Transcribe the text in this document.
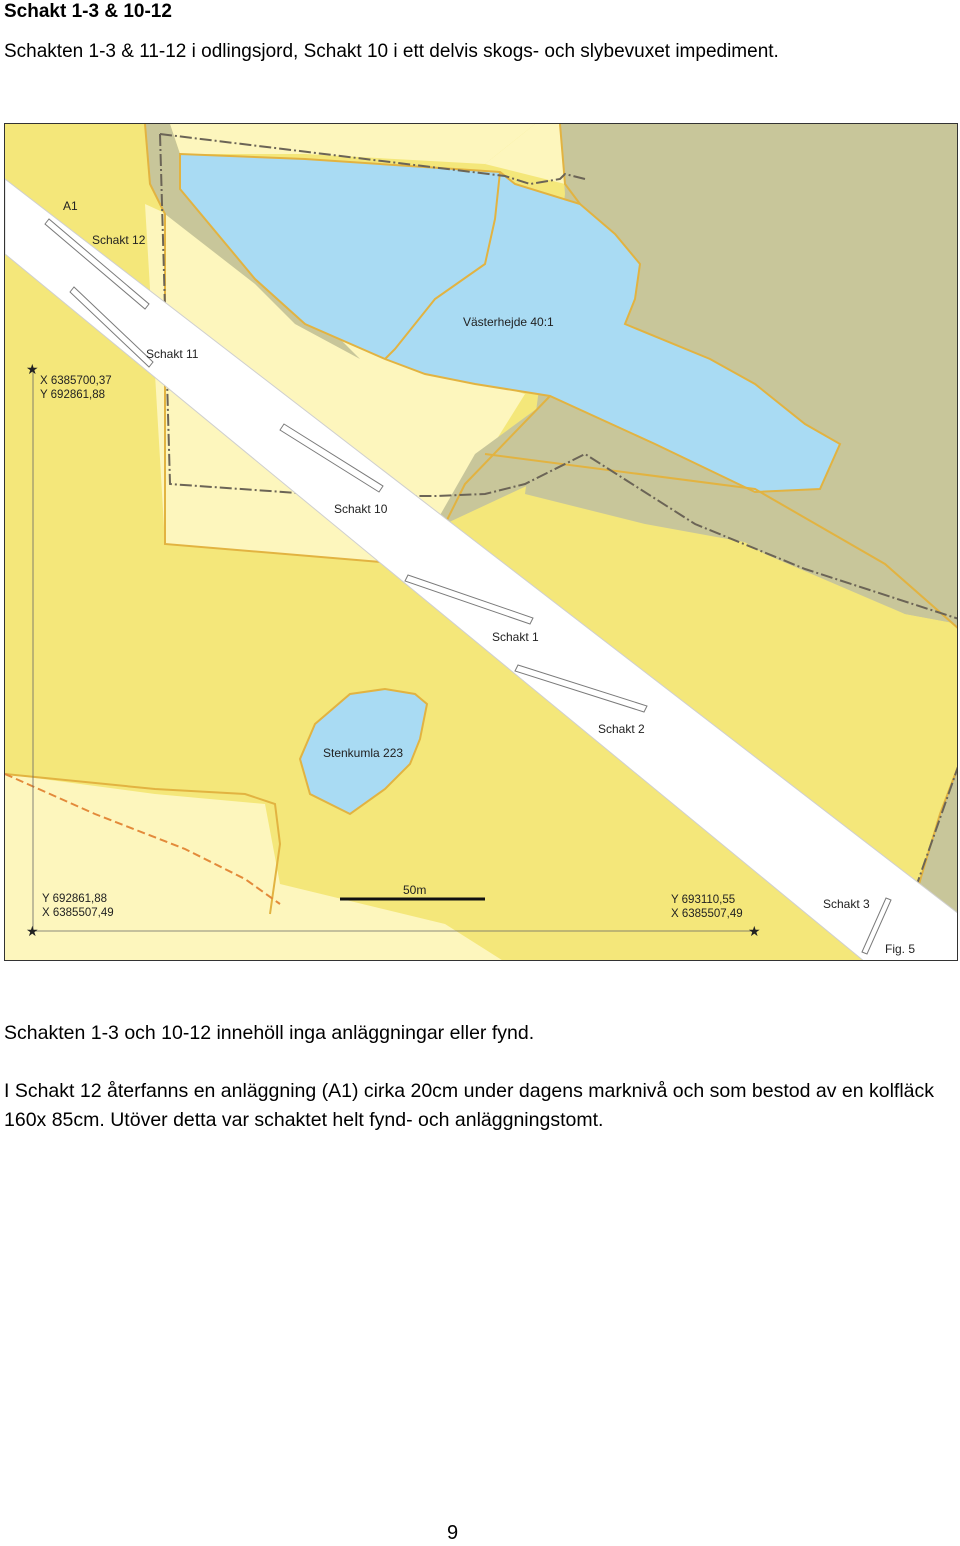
Schakt 1-3 & 10-12
Schakten 1-3 & 11-12 i odlingsjord, Schakt 10 i ett delvis skogs- och slybevuxet impediment.
★
★	★
A1
Schakt 12
Schakt 11
Västerhejde 40:1
Schakt 10
Schakt 1
Schakt 2
Stenkumla 223
50m
Schakt 3
Fig. 5
X 6385700,37
Y 692861,88
Y 692861,88
X 6385507,49
Y 693110,55
X 6385507,49
Schakten 1-3 och 10-12 innehöll inga anläggningar eller fynd.
I Schakt 12 återfanns en anläggning (A1) cirka 20cm under dagens marknivå och som bestod av en kolfläck 160x 85cm. Utöver detta var schaktet helt fynd- och anläggningstomt.
9
